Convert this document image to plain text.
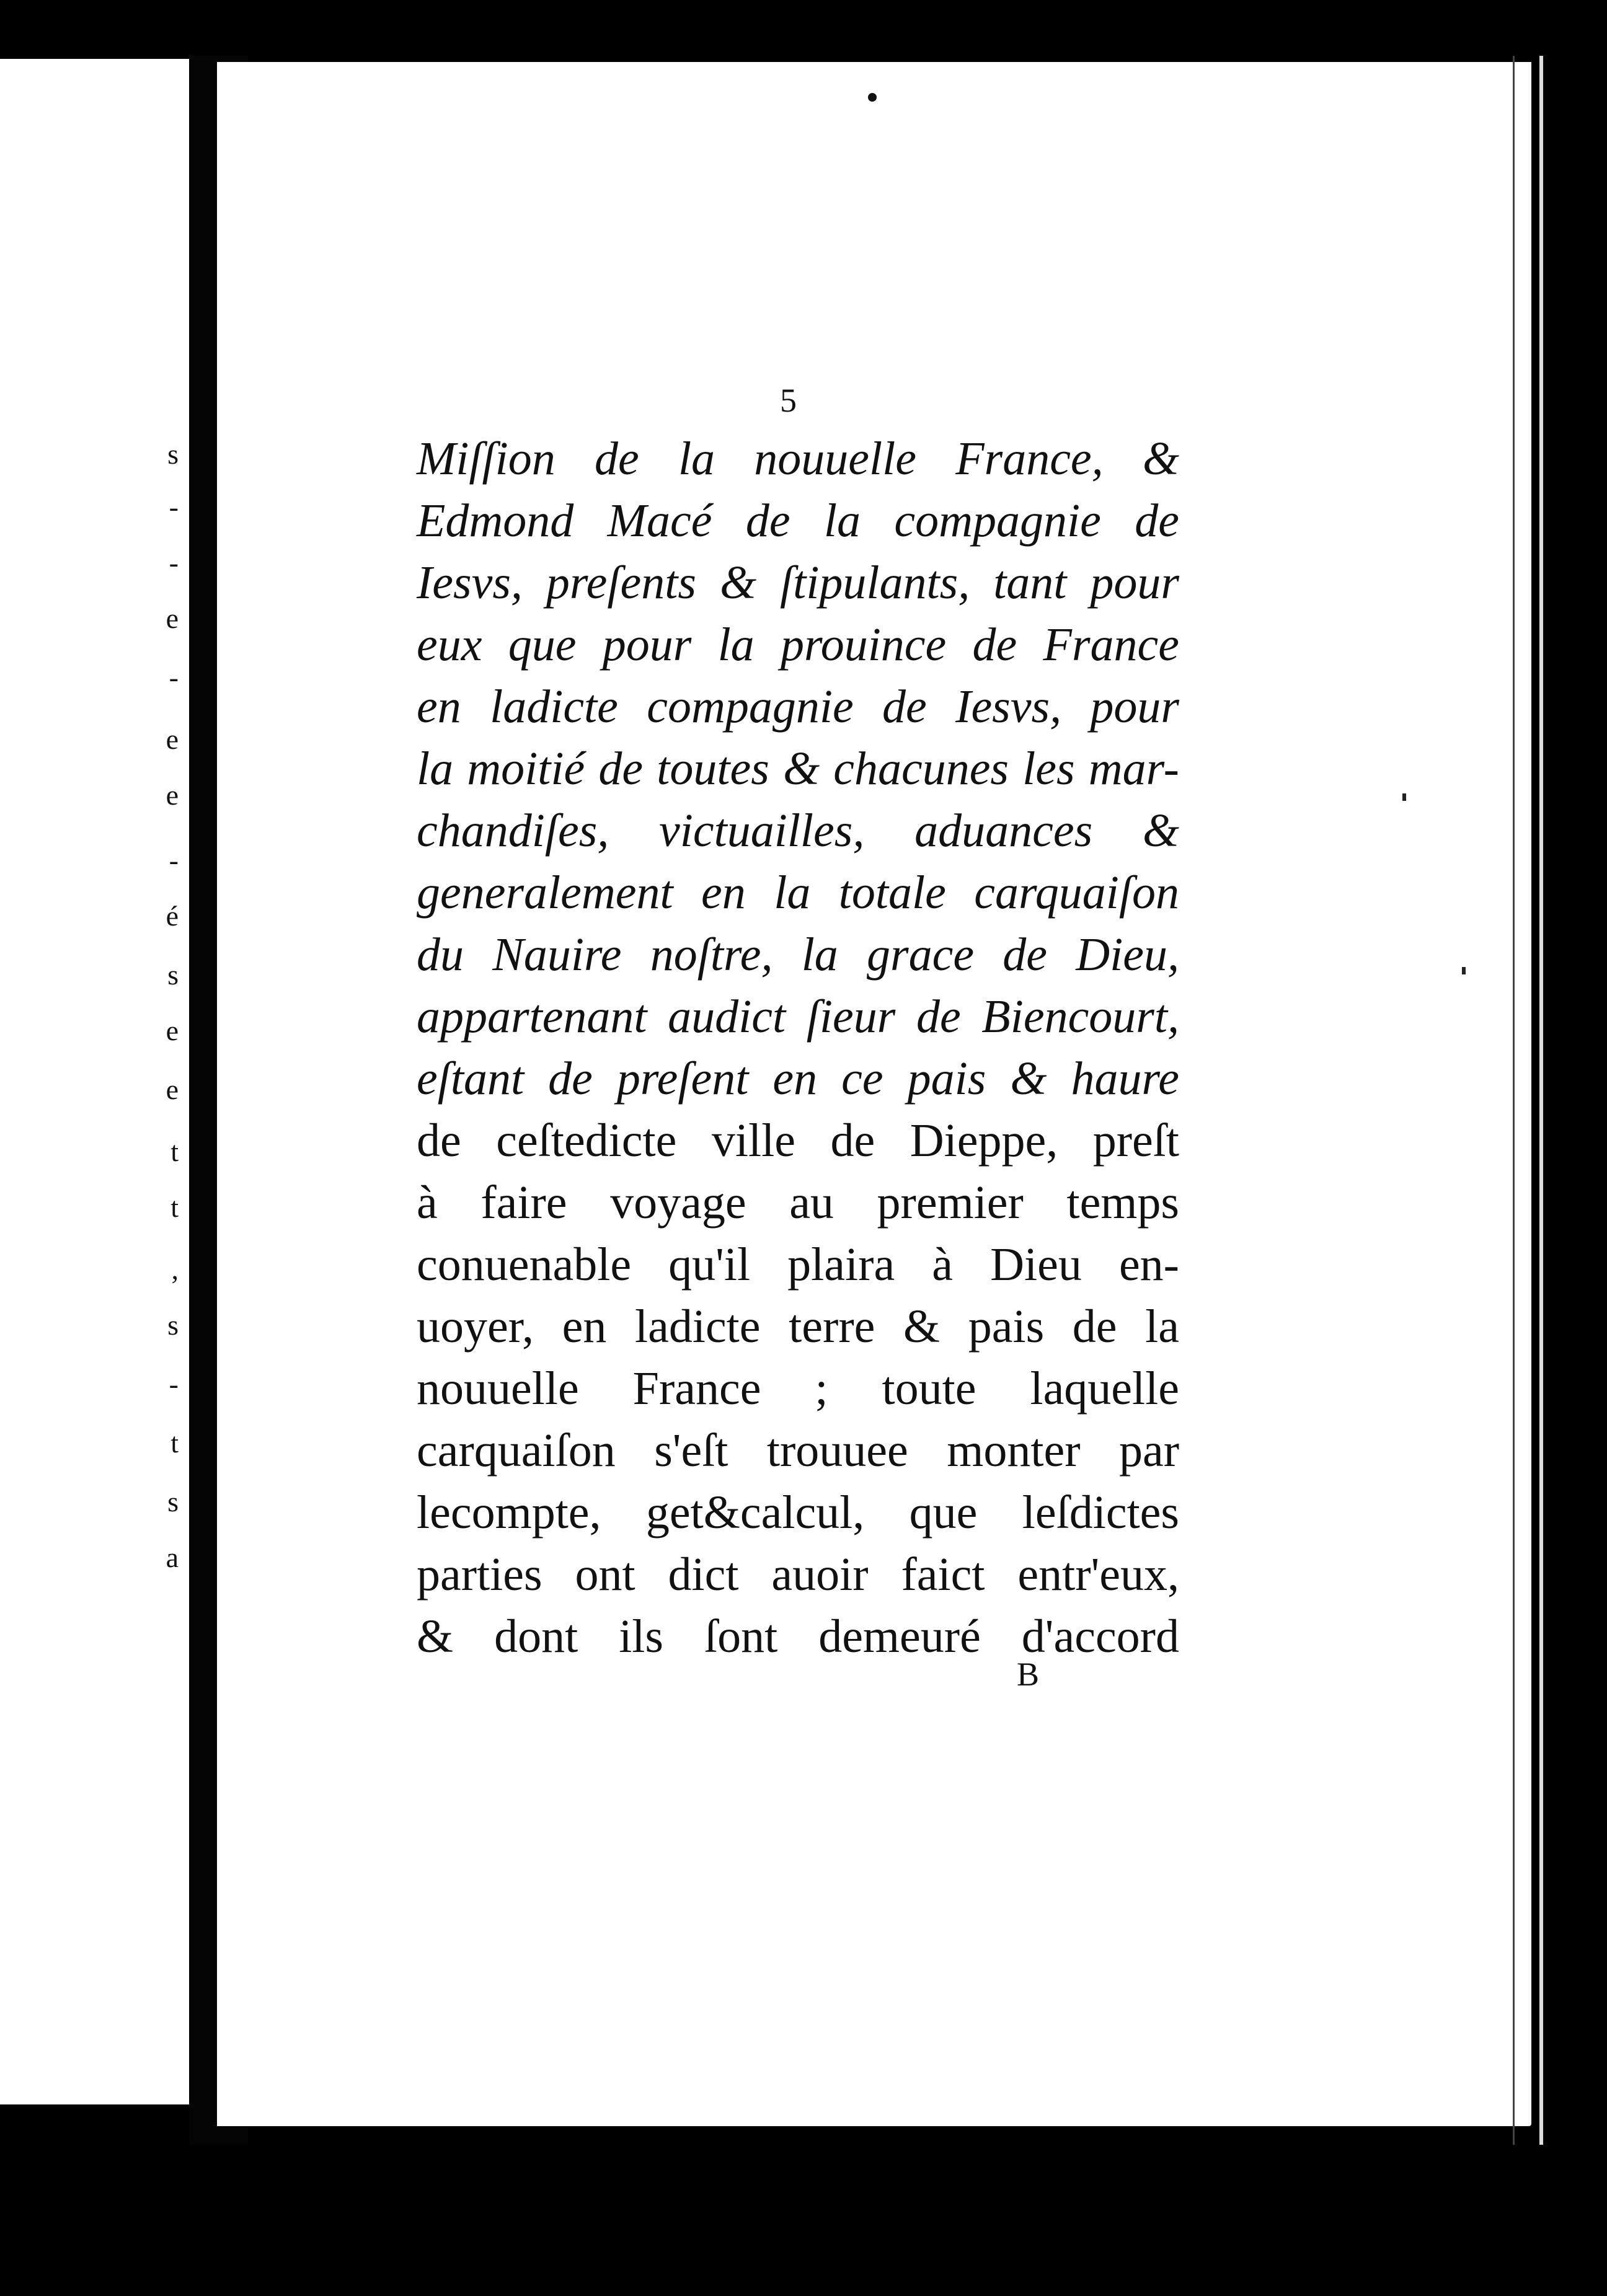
s
-
-
e
-
e
e
-
é
s
e
e
t
t
,
s
-
t
s
a
5
Miſſion de la nouuelle France, &
Edmond Macé de la compagnie de
Iesvs, preſents & ſtipulants, tant pour
eux que pour la prouince de France
en ladicte compagnie de Iesvs, pour
la moitié de toutes & chacunes les mar-
chandiſes, victuailles, aduances &
generalement en la totale carquaiſon
du Nauire noſtre, la grace de Dieu,
appartenant audict ſieur de Biencourt,
eſtant de preſent en ce pais & haure
de ceſtedicte ville de Dieppe, preſt
à faire voyage au premier temps
conuenable qu'il plaira à Dieu en-
uoyer, en ladicte terre & pais de la
nouuelle France ; toute laquelle
carquaiſon s'eſt trouuee monter par
lecompte, get&calcul, que leſdictes
parties ont dict auoir faict entr'eux,
& dont ils ſont demeuré d'accord
B
